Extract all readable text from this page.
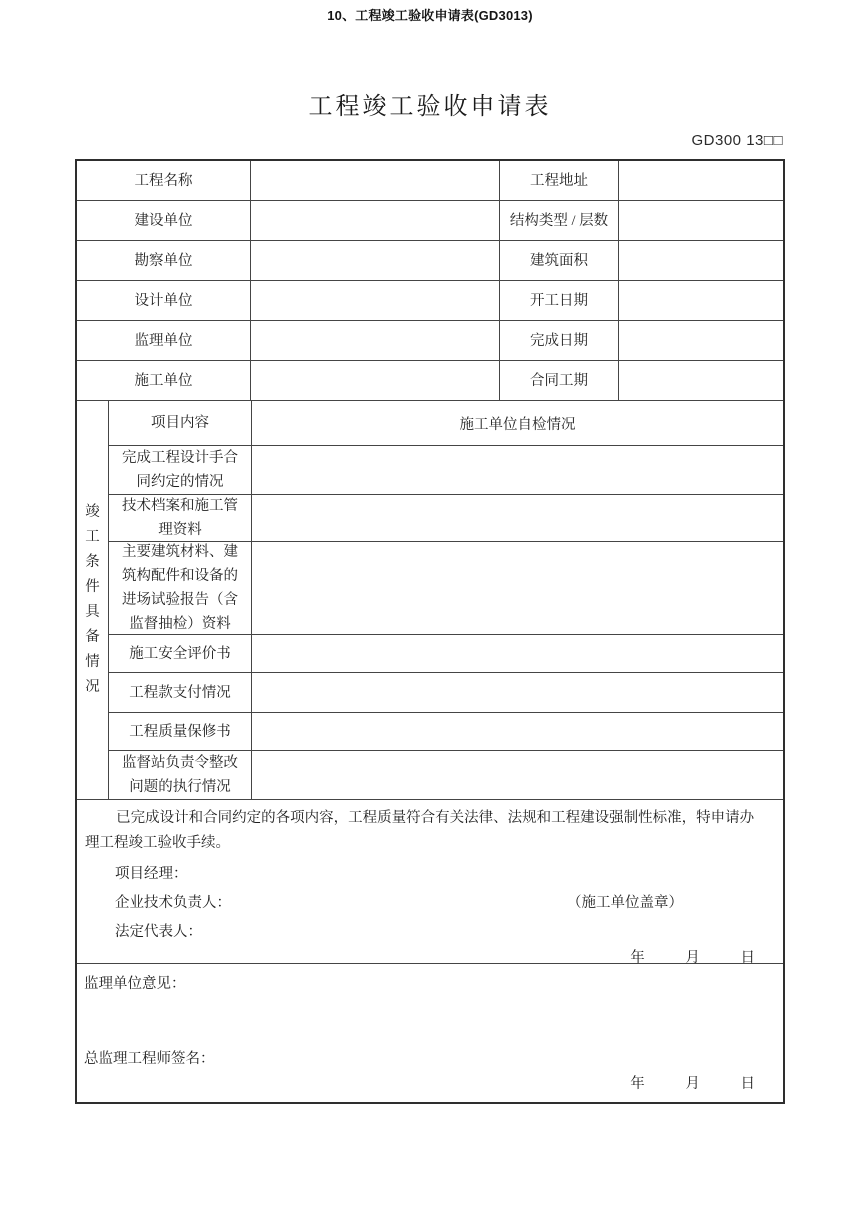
10、工程竣工验收申请表(GD3013)
工程竣工验收申请表
GD300 13□□
工程名称	工程地址
建设单位	结构类型 / 层数
勘察单位	建筑面积
设计单位	开工日期
监理单位	完成日期
施工单位	合同工期
竣工条件具备情况
项目内容	施工单位自检情况
完成工程设计手合同约定的情况
技术档案和施工管理资料
主要建筑材料、建筑构配件和设备的进场试验报告（含监督抽检）资料
施工安全评价书
工程款支付情况
工程质量保修书
监督站负责令整改问题的执行情况

已完成设计和合同约定的各项内容，工程质量符合有关法律、法规和工程建设强制性标准，特申请办理工程竣工验收手续。

项目经理：
企业技术负责人：	（施工单位盖章）
法定代表人：
年	月	日
监理单位意见：
总监理工程师签名：
年	月	日
